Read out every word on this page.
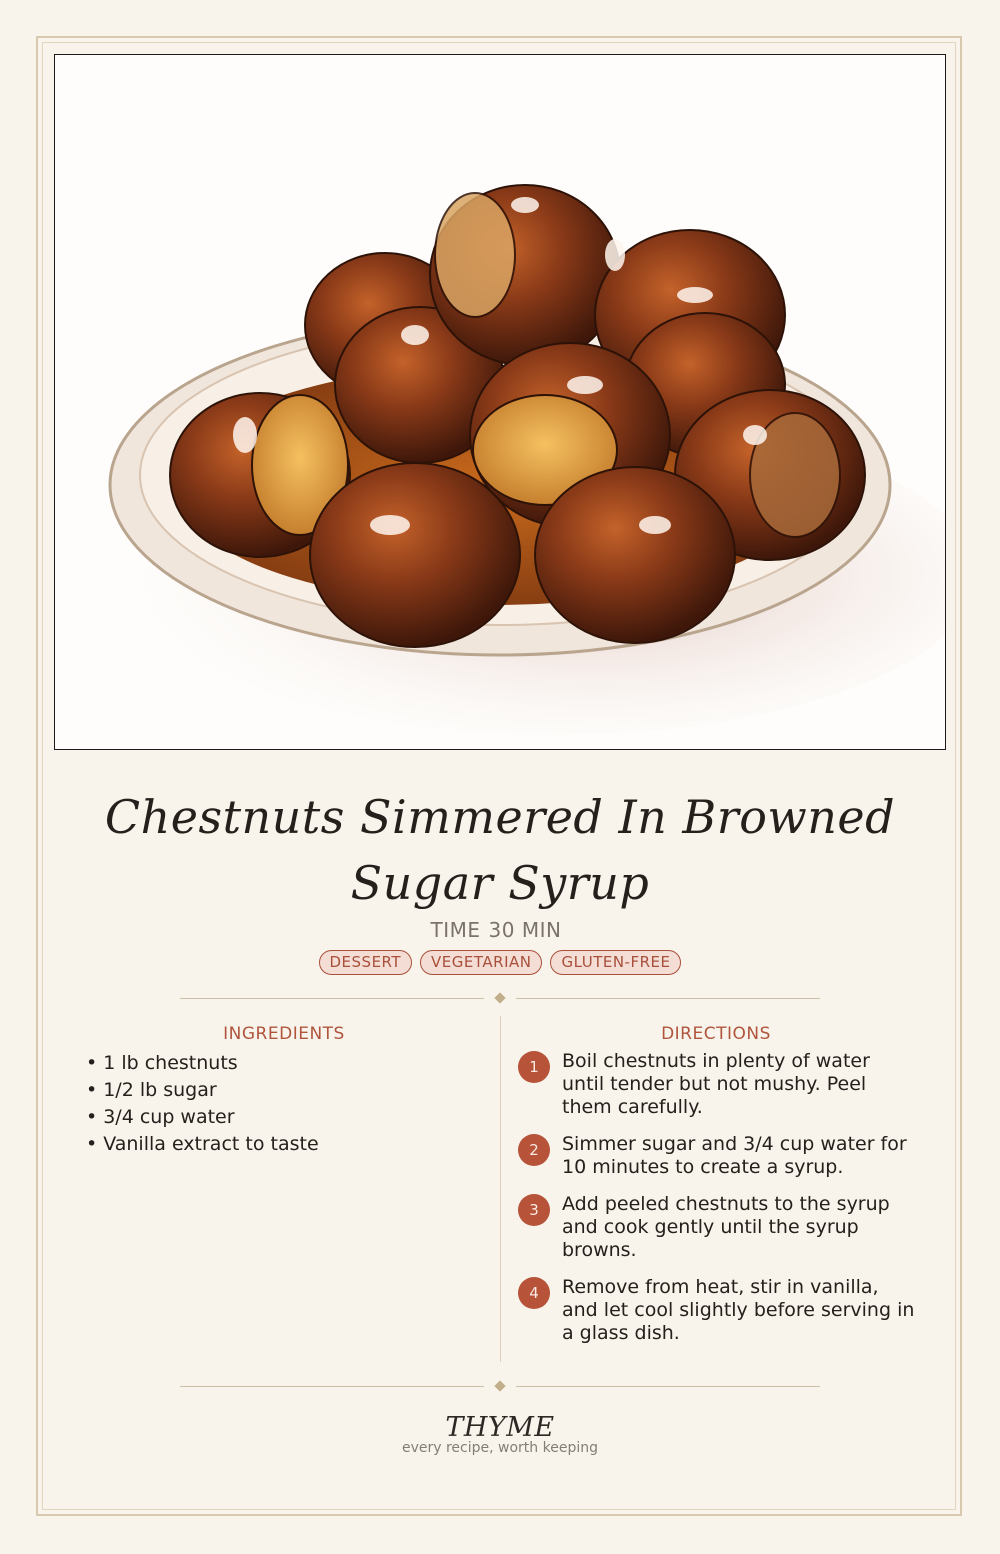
Chestnuts Simmered In Browned Sugar Syrup
TIME 30 MIN
DESSERT	VEGETARIAN	GLUTEN-FREE
INGREDIENTS
• 1 lb chestnuts
• 1/2 lb sugar
• 3/4 cup water
• Vanilla extract to taste
DIRECTIONS
1	Boil chestnuts in plenty of water until tender but not mushy. Peel them carefully.
2	Simmer sugar and 3/4 cup water for 10 minutes to create a syrup.
3	Add peeled chestnuts to the syrup and cook gently until the syrup browns.
4	Remove from heat, stir in vanilla, and let cool slightly before serving in a glass dish.
THYME
every recipe, worth keeping
